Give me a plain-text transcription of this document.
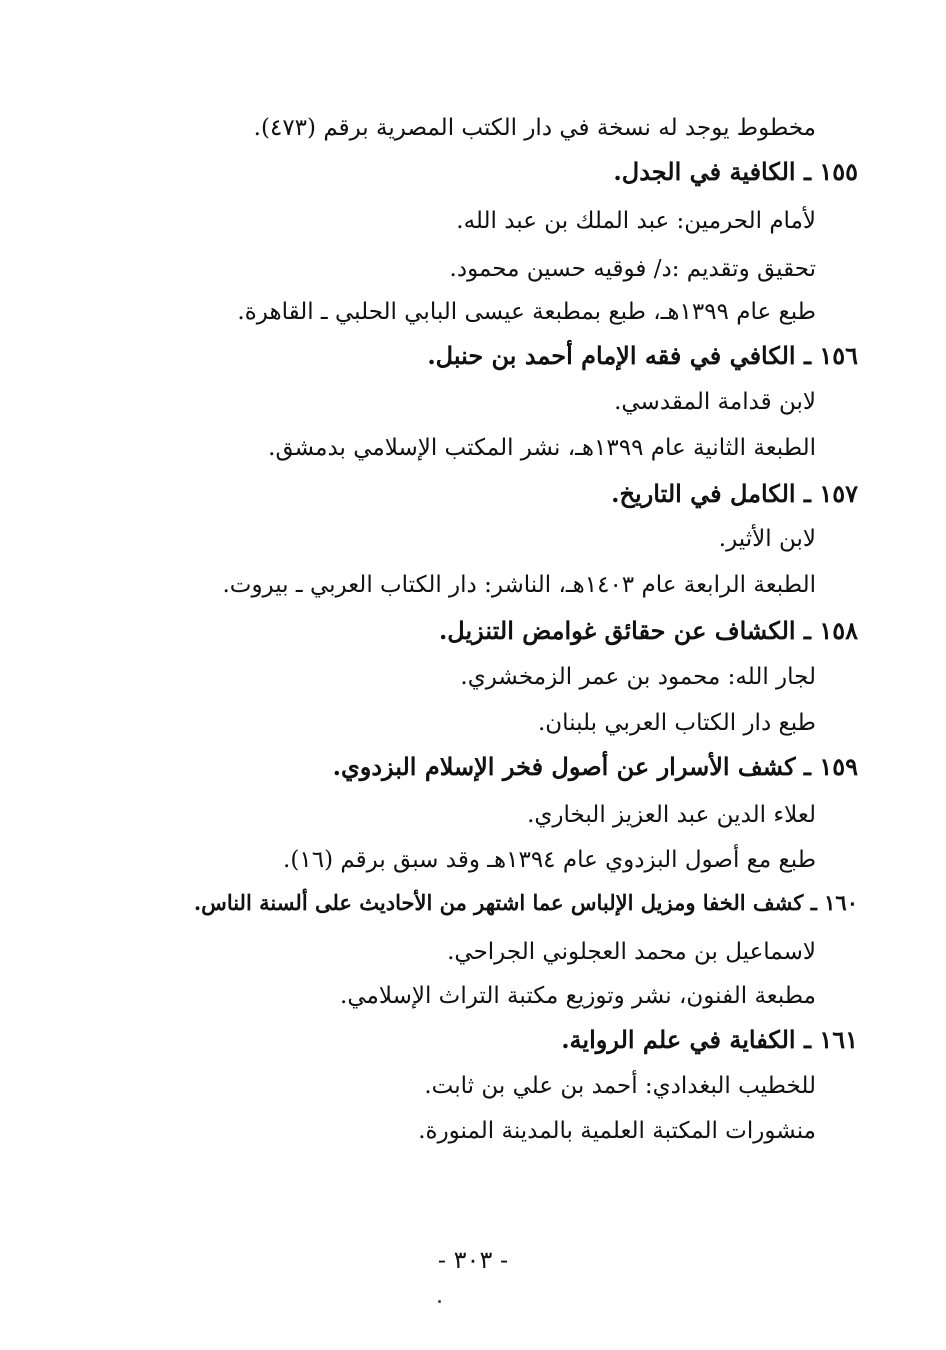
مخطوط يوجد له نسخة في دار الكتب المصرية برقم (٤٧٣).
١٥٥ ـ الكافية في الجدل.
لأمام الحرمين: عبد الملك بن عبد الله.
تحقيق وتقديم :د/ فوقيه حسين محمود.
طبع عام ١٣٩٩هـ، طبع بمطبعة عيسى البابي الحلبي ـ القاهرة.
١٥٦ ـ الكافي في فقه الإمام أحمد بن حنبل.
لابن قدامة المقدسي.
الطبعة الثانية عام ١٣٩٩هـ، نشر المكتب الإسلامي بدمشق.
١٥٧ ـ الكامل في التاريخ.
لابن الأثير.
الطبعة الرابعة عام ١٤٠٣هـ، الناشر: دار الكتاب العربي ـ بيروت.
١٥٨ ـ الكشاف عن حقائق غوامض التنزيل.
لجار الله: محمود بن عمر الزمخشري.
طبع دار الكتاب العربي بلبنان.
١٥٩ ـ كشف الأسرار عن أصول فخر الإسلام البزدوي.
لعلاء الدين عبد العزيز البخاري.
طبع مع أصول البزدوي عام ١٣٩٤هـ وقد سبق برقم (١٦).
١٦٠ ـ كشف الخفا ومزيل الإلباس عما اشتهر من الأحاديث على ألسنة الناس.
لاسماعيل بن محمد العجلوني الجراحي.
مطبعة الفنون، نشر وتوزيع مكتبة التراث الإسلامي.
١٦١ ـ الكفاية في علم الرواية.
للخطيب البغدادي: أحمد بن علي بن ثابت.
منشورات المكتبة العلمية بالمدينة المنورة.
- ٣٠٣ -
